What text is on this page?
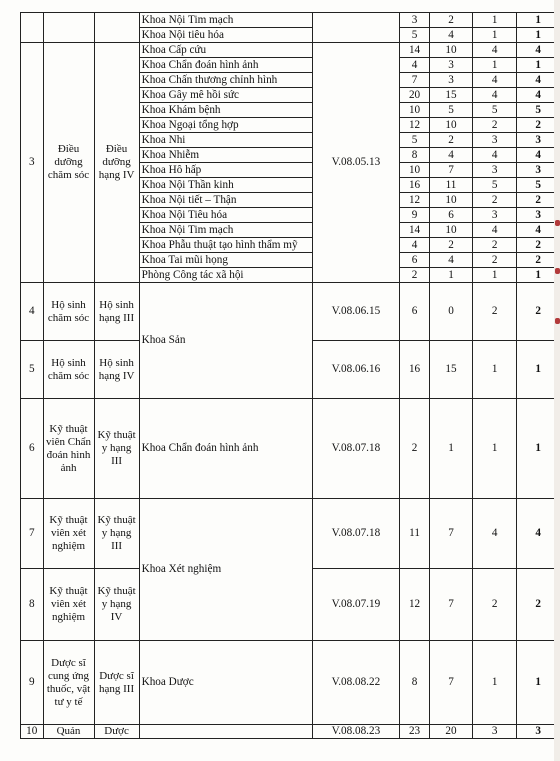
			Khoa Nội Tim mạch		3	2	1	1
			Khoa Nội tiêu hóa		5	4	1	1
3	Điều dưỡng chăm sóc	Điều dưỡng hạng IV	Khoa Cấp cứu	V.08.05.13	14	10	4	4
			Khoa Chẩn đoán hình ảnh		4	3	1	1
			Khoa Chấn thương chỉnh hình		7	3	4	4
			Khoa Gây mê hồi sức		20	15	4	4
			Khoa Khám bệnh		10	5	5	5
			Khoa Ngoại tổng hợp		12	10	2	2
			Khoa Nhi		5	2	3	3
			Khoa Nhiễm		8	4	4	4
			Khoa Hô hấp		10	7	3	3
			Khoa Nội Thần kinh		16	11	5	5
			Khoa Nội tiết – Thận		12	10	2	2
			Khoa Nội Tiêu hóa		9	6	3	3
			Khoa Nội Tim mạch		14	10	4	4
			Khoa Phẫu thuật tạo hình thẩm mỹ		4	2	2	2
			Khoa Tai mũi họng		6	4	2	2
			Phòng Công tác xã hội		2	1	1	1
4	Hộ sinh chăm sóc	Hộ sinh hạng III	Khoa Sản	V.08.06.15	6	0	2	2
5	Hộ sinh chăm sóc	Hộ sinh hạng IV		V.08.06.16	16	15	1	1
6	Kỹ thuật viên Chẩn đoán hình ảnh	Kỹ thuật y hạng III	Khoa Chẩn đoán hình ảnh	V.08.07.18	2	1	1	1
7	Kỹ thuật viên xét nghiệm	Kỹ thuật y hạng III	Khoa Xét nghiệm	V.08.07.18	11	7	4	4
8	Kỹ thuật viên xét nghiệm	Kỹ thuật y hạng IV		V.08.07.19	12	7	2	2
9	Dược sĩ cung ứng thuốc, vật tư y tế	Dược sĩ hạng III	Khoa Dược	V.08.08.22	8	7	1	1
10	Quản	Dược		V.08.08.23	23	20	3	3
